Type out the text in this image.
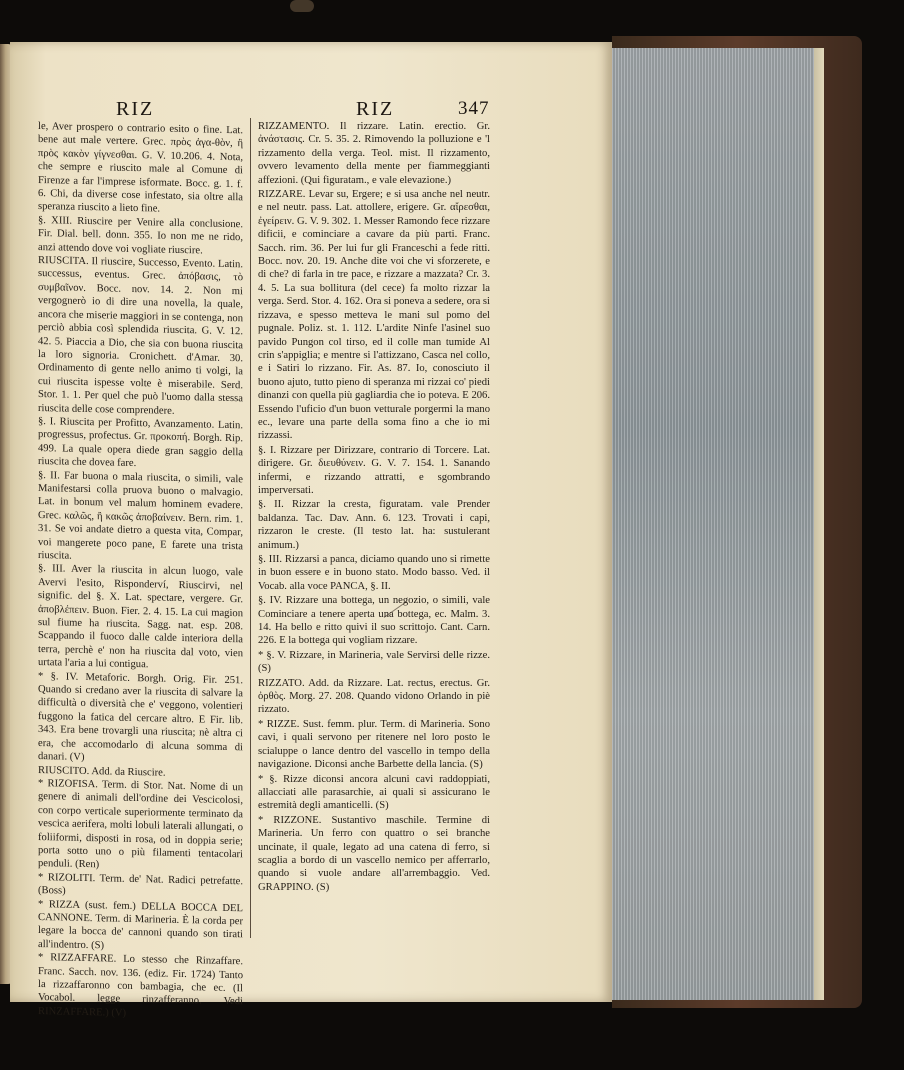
RIZ	RIZ	347

le, Aver prospero o contrario esito o fine. Lat. bene aut male vertere. Grec. πρὸς ἀγα-θὸν, ἢ πρὸς κακὸν γίγνεσθαι. G. V. 10.206. 4. Nota, che sempre e riuscito male al Comune di Firenze a far l'imprese isformate. Bocc. g. 1. f. 6. Chi, da diverse cose infestato, sia oltre alla speranza riuscito a lieto fine.

§. XIII. Riuscire per Venire alla conclusione. Fir. Dial. bell. donn. 355. Io non me ne rido, anzi attendo dove voi vogliate riuscire.

RIUSCITA. Il riuscire, Successo, Evento. Latin. successus, eventus. Grec. ἀπόβασις, τὸ συμβαῖνον. Bocc. nov. 14. 2. Non mi vergognerò io di dire una novella, la quale, ancora che miserie maggiori in se contenga, non perciò abbia così splendida riuscita. G. V. 12. 42. 5. Piaccia a Dio, che sia con buona riuscita la loro signoria. Cronichett. d'Amar. 30. Ordinamento di gente nello animo ti volgi, la cui riuscita ispesse volte è miserabile. Serd. Stor. 1. 1. Per quel che può l'uomo dalla stessa riuscita delle cose comprendere.

§. I. Riuscita per Profitto, Avanzamento. Latin. progressus, profectus. Gr. προκοπή. Borgh. Rip. 499. La quale opera diede gran saggio della riuscita che dovea fare.

§. II. Far buona o mala riuscita, o simili, vale Manifestarsi colla pruova buono o malvagio. Lat. in bonum vel malum hominem evadere. Grec. καλῶς, ἢ κακῶς ἀποβαίνειν. Bern. rim. 1. 31. Se voi andate dietro a questa vita, Compar, voi mangerete poco pane, E farete una trista riuscita.

§. III. Aver la riuscita in alcun luogo, vale Avervi l'esito, Risponderví, Riuscirvi, nel signific. del §. X. Lat. spectare, vergere. Gr. ἀποβλέπειν. Buon. Fier. 2. 4. 15. La cui magion sul fiume ha riuscita. Sagg. nat. esp. 208. Scappando il fuoco dalle calde interiora della terra, perchè e' non ha riuscita dal voto, vien urtata l'aria a lui contigua.

* §. IV. Metaforic. Borgh. Orig. Fir. 251. Quando si credano aver la riuscita di salvare la difficultà o diversità che e' veggono, volentieri fuggono la fatica del cercare altro. E Fir. lib. 343. Era bene trovargli una riuscita; nè altra ci era, che accomodarlo di alcuna somma di danari. (V)

RIUSCITO. Add. da Riuscire.

* RIZOFISA. Term. di Stor. Nat. Nome di un genere di animali dell'ordine dei Vescicolosi, con corpo verticale superiormente terminato da vescica aerifera, molti lobuli laterali allungati, o foliiformi, disposti in rosa, od in doppia serie; porta sotto uno o più filamenti tentacolari penduli. (Ren)

* RIZOLITI. Term. de' Nat. Radici petrefatte. (Boss)

* RIZZA (sust. fem.) DELLA BOCCA DEL CANNONE. Term. di Marineria. È la corda per legare la bocca de' cannoni quando son tirati all'indentro. (S)

* RIZZAFFARE. Lo stesso che Rinzaffare. Franc. Sacch. nov. 136. (ediz. Fir. 1724) Tanto la rizzaffaronno con bambagia, che ec. (Il Vocabol. legge rinzafferanno. Vedi RINZAFFARE.) (V)

RIZZAMENTO. Il rizzare. Latin. erectio. Gr. ἀνάστασις. Cr. 5. 35. 2. Rimovendo la polluzione e 'l rizzamento della verga. Teol. mist. Il rizzamento, ovvero levamento della mente per fiammeggianti affezioni. (Qui figuratam., e vale elevazione.)

RIZZARE. Levar su, Ergere; e si usa anche nel neutr. e nel neutr. pass. Lat. attollere, erigere. Gr. αἴρεσθαι, ἐγείρειν. G. V. 9. 302. 1. Messer Ramondo fece rizzare dificii, e cominciare a cavare da più parti. Franc. Sacch. rim. 36. Per lui fur gli Franceschi a fede ritti. Bocc. nov. 20. 19. Anche dite voi che vi sforzerete, e di che? di farla in tre pace, e rizzare a mazzata? Cr. 3. 4. 5. La sua bollitura (del cece) fa molto rizzar la verga. Serd. Stor. 4. 162. Ora si poneva a sedere, ora si rizzava, e spesso metteva le mani sul pomo del pugnale. Poliz. st. 1. 112. L'ardite Ninfe l'asinel suo pavido Pungon col tirso, ed il colle man tumide Al crin s'appiglia; e mentre si l'attizzano, Casca nel collo, e i Satiri lo rizzano. Fir. As. 87. Io, conosciuto il buono ajuto, tutto pieno di speranza mi rizzai co' piedi dinanzi con quella più gagliardia che io poteva. E 206. Essendo l'uficio d'un buon vetturale porgermi la mano ec., levare una parte della soma fino a che io mi rizzassi.

§. I. Rizzare per Dirizzare, contrario di Torcere. Lat. dirigere. Gr. διευθύνειν. G. V. 7. 154. 1. Sanando infermi, e rizzando attratti, e sgombrando imperversati.

§. II. Rizzar la cresta, figuratam. vale Prender baldanza. Tac. Dav. Ann. 6. 123. Trovati i capi, rizzaron le creste. (Il testo lat. ha: sustulerant animum.)

§. III. Rizzarsi a panca, diciamo quando uno si rimette in buon essere e in buono stato. Modo basso. Ved. il Vocab. alla voce PANCA, §. II.

§. IV. Rizzare una bottega, un negozio, o simili, vale Cominciare a tenere aperta una bottega, ec. Malm. 3. 14. Ha bello e ritto quivi il suo scrittojo. Cant. Carn. 226. E la bottega qui vogliam rizzare.

* §. V. Rizzare, in Marineria, vale Servirsi delle rizze. (S)

RIZZATO. Add. da Rizzare. Lat. rectus, erectus. Gr. ὀρθὸς. Morg. 27. 208. Quando vidono Orlando in piè rizzato.

* RIZZE. Sust. femm. plur. Term. di Marineria. Sono cavi, i quali servono per ritenere nel loro posto le scialuppe o lance dentro del vascello in tempo della navigazione. Diconsi anche Barbette della lancia. (S)

* §. Rizze diconsi ancora alcuni cavi raddoppiati, allacciati alle parasarchie, ai quali si assicurano le estremità degli amanticelli. (S)

* RIZZONE. Sustantivo maschile. Termine di Marineria. Un ferro con quattro o sei branche uncinate, il quale, legato ad una catena di ferro, si scaglia a bordo di un vascello nemico per afferrarlo, quando si vuole andare all'arrembaggio. Ved. GRAPPINO. (S)
